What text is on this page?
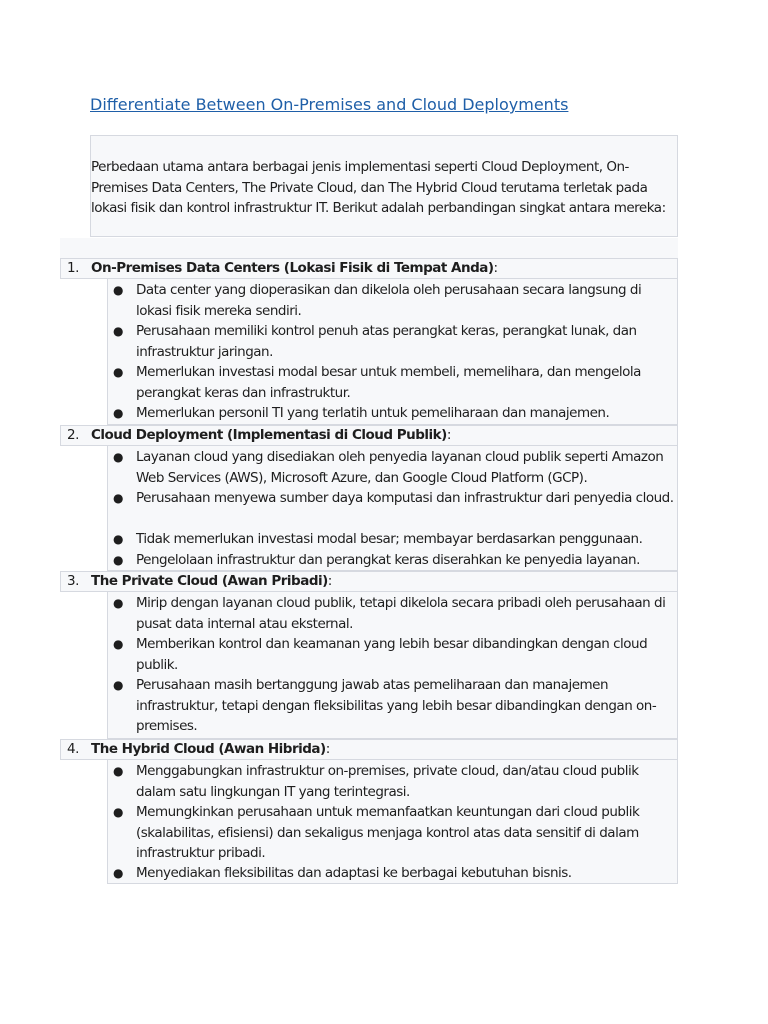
Differentiate Between On-Premises and Cloud Deployments
Perbedaan utama antara berbagai jenis implementasi seperti Cloud Deployment, On-Premises Data Centers, The Private Cloud, dan The Hybrid Cloud terutama terletak pada lokasi fisik dan kontrol infrastruktur IT. Berikut adalah perbandingan singkat antara mereka:
1. On-Premises Data Centers (Lokasi Fisik di Tempat Anda):
● Data center yang dioperasikan dan dikelola oleh perusahaan secara langsung di lokasi fisik mereka sendiri.
● Perusahaan memiliki kontrol penuh atas perangkat keras, perangkat lunak, dan infrastruktur jaringan.
● Memerlukan investasi modal besar untuk membeli, memelihara, dan mengelola perangkat keras dan infrastruktur.
● Memerlukan personil TI yang terlatih untuk pemeliharaan dan manajemen.
2. Cloud Deployment (Implementasi di Cloud Publik):
● Layanan cloud yang disediakan oleh penyedia layanan cloud publik seperti Amazon Web Services (AWS), Microsoft Azure, dan Google Cloud Platform (GCP).
● Perusahaan menyewa sumber daya komputasi dan infrastruktur dari penyedia cloud.
● Tidak memerlukan investasi modal besar; membayar berdasarkan penggunaan.
● Pengelolaan infrastruktur dan perangkat keras diserahkan ke penyedia layanan.
3. The Private Cloud (Awan Pribadi):
● Mirip dengan layanan cloud publik, tetapi dikelola secara pribadi oleh perusahaan di pusat data internal atau eksternal.
● Memberikan kontrol dan keamanan yang lebih besar dibandingkan dengan cloud publik.
● Perusahaan masih bertanggung jawab atas pemeliharaan dan manajemen infrastruktur, tetapi dengan fleksibilitas yang lebih besar dibandingkan dengan on-premises.
4. The Hybrid Cloud (Awan Hibrida):
● Menggabungkan infrastruktur on-premises, private cloud, dan/atau cloud publik dalam satu lingkungan IT yang terintegrasi.
● Memungkinkan perusahaan untuk memanfaatkan keuntungan dari cloud publik (skalabilitas, efisiensi) dan sekaligus menjaga kontrol atas data sensitif di dalam infrastruktur pribadi.
● Menyediakan fleksibilitas dan adaptasi ke berbagai kebutuhan bisnis.
